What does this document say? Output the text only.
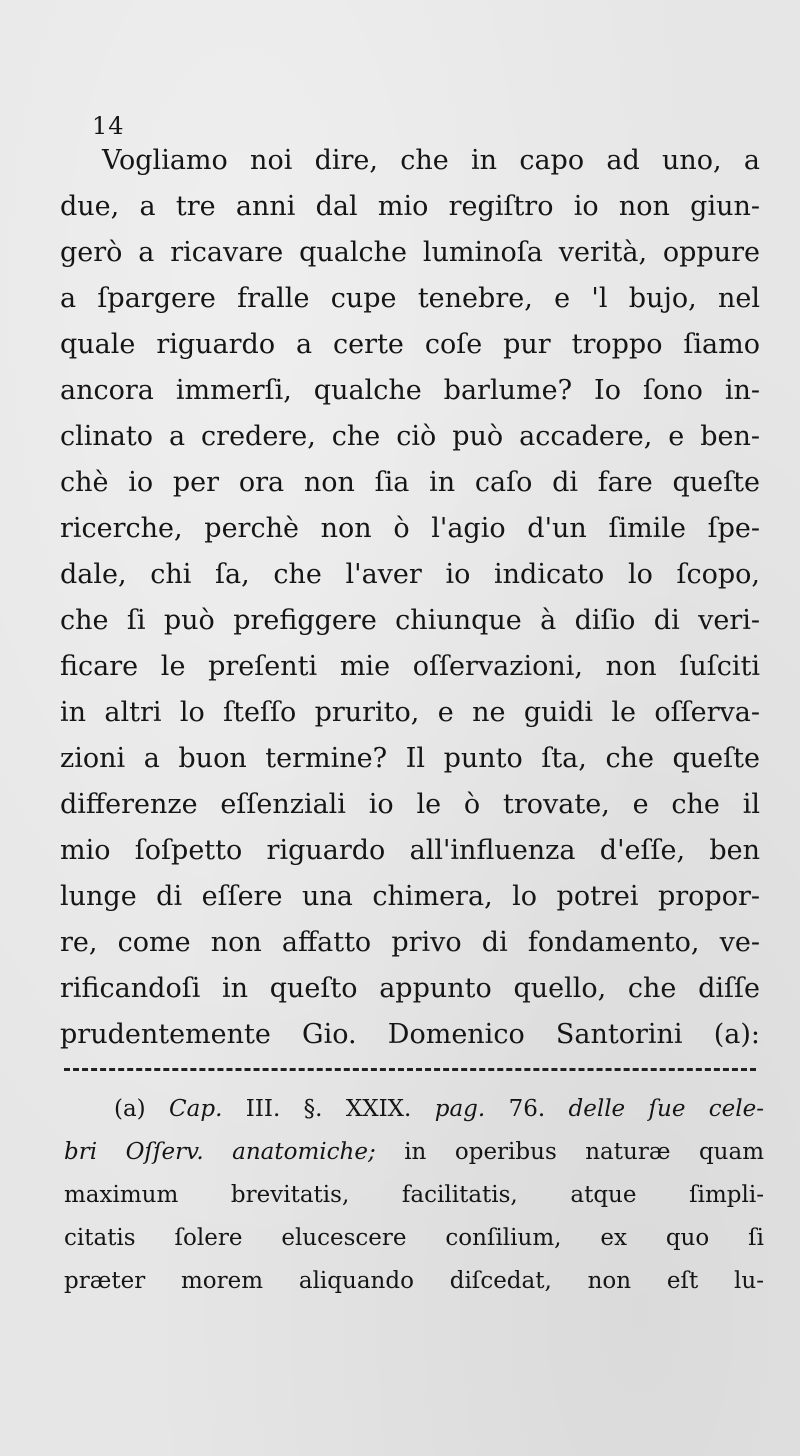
14
Vogliamo noi dire, che in capo ad uno, a
due, a tre anni dal mio regiſtro io non giun-
gerò a ricavare qualche luminoſa verità, oppure
a ſpargere fralle cupe tenebre, e 'l bujo, nel
quale riguardo a certe coſe pur troppo ſiamo
ancora immerſi, qualche barlume? Io ſono in-
clinato a credere, che ciò può accadere, e ben-
chè io per ora non ſia in caſo di fare queſte
ricerche, perchè non ò l'agio d'un ſimile ſpe-
dale, chi ſa, che l'aver io indicato lo ſcopo,
che ſi può prefiggere chiunque à diſio di veri-
ficare le preſenti mie oſſervazioni, non ſuſciti
in altri lo ſteſſo prurito, e ne guidi le oſſerva-
zioni a buon termine? Il punto ſta, che queſte
differenze eſſenziali io le ò trovate, e che il
mio ſoſpetto riguardo all'influenza d'eſſe, ben
lunge di eſſere una chimera, lo potrei propor-
re, come non affatto privo di fondamento, ve-
rificandoſi in queſto appunto quello, che diſſe
prudentemente Gio. Domenico Santorini (a):
(a) Cap. III. §. XXIX. pag. 76. delle ſue cele-
bri Oſſerv. anatomiche; in operibus naturæ quam
maximum brevitatis, facilitatis, atque ſimpli-
citatis ſolere elucescere conſilium, ex quo ſi
præter morem aliquando diſcedat, non eſt lu-
